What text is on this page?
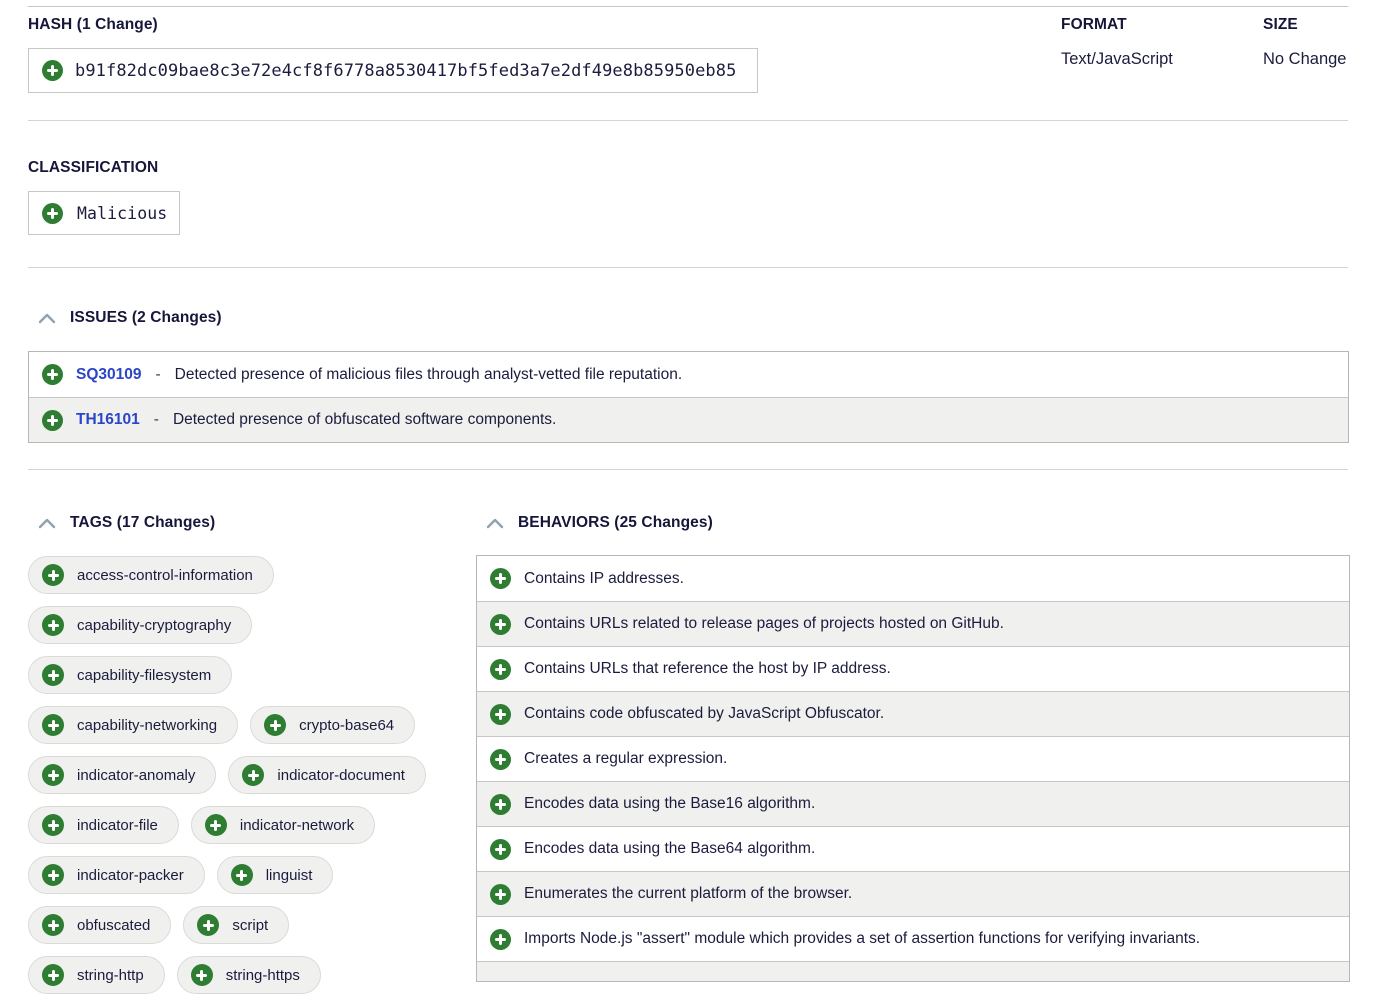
HASH (1 Change)	FORMAT	SIZE
b91f82dc09bae8c3e72e4cf8f6778a8530417bf5fed3a7e2df49e8b85950eb85
Text/JavaScript	No Change
CLASSIFICATION
Malicious
ISSUES (2 Changes)
SQ30109 - Detected presence of malicious files through analyst-vetted file reputation.
TH16101 - Detected presence of obfuscated software components.
TAGS (17 Changes)
access-control-information
capability-cryptography
capability-filesystem
capability-networking	crypto-base64
indicator-anomaly	indicator-document
indicator-file	indicator-network
indicator-packer	linguist
obfuscated	script
string-http	string-https
BEHAVIORS (25 Changes)
Contains IP addresses.
Contains URLs related to release pages of projects hosted on GitHub.
Contains URLs that reference the host by IP address.
Contains code obfuscated by JavaScript Obfuscator.
Creates a regular expression.
Encodes data using the Base16 algorithm.
Encodes data using the Base64 algorithm.
Enumerates the current platform of the browser.
Imports Node.js "assert" module which provides a set of assertion functions for verifying invariants.
